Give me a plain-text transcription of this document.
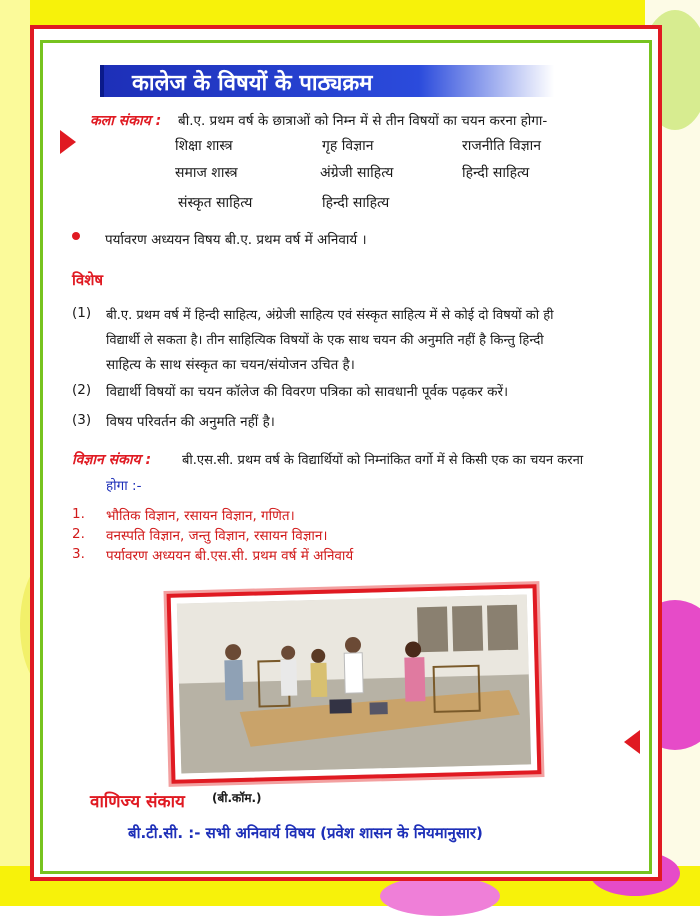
कालेज के विषयों के पाठ्यक्रम
कला संकाय : बी.ए. प्रथम वर्ष के छात्राओं को निम्न में से तीन विषयों का चयन करना होगा-
शिक्षा शास्त्र	गृह विज्ञान	राजनीति विज्ञान
समाज शास्त्र	अंग्रेजी साहित्य	हिन्दी साहित्य
संस्कृत साहित्य	हिन्दी साहित्य
पर्यावरण अध्ययन विषय बी.ए. प्रथम वर्ष में अनिवार्य ।
विशेष
(1) बी.ए. प्रथम वर्ष में हिन्दी साहित्य, अंग्रेजी साहित्य एवं संस्कृत साहित्य में से कोई दो विषयों को ही
विद्यार्थी ले सकता है। तीन साहित्यिक विषयों के एक साथ चयन की अनुमति नहीं है किन्तु हिन्दी
साहित्य के साथ संस्कृत का चयन/संयोजन उचित है।
(2) विद्यार्थी विषयों का चयन कॉलेज की विवरण पत्रिका को सावधानी पूर्वक पढ़कर करें।
(3) विषय परिवर्तन की अनुमति नहीं है।
विज्ञान संकाय : बी.एस.सी. प्रथम वर्ष के विद्यार्थियों को निम्नांकित वर्गो में से किसी एक का चयन करना
होगा :-
1. भौतिक विज्ञान, रसायन विज्ञान, गणित।
2. वनस्पति विज्ञान, जन्तु विज्ञान, रसायन विज्ञान।
3. पर्यावरण अध्ययन बी.एस.सी. प्रथम वर्ष में अनिवार्य
वाणिज्य संकाय (बी.कॉम.)
बी.टी.सी. :- सभी अनिवार्य विषय (प्रवेश शासन के नियमानुसार)
